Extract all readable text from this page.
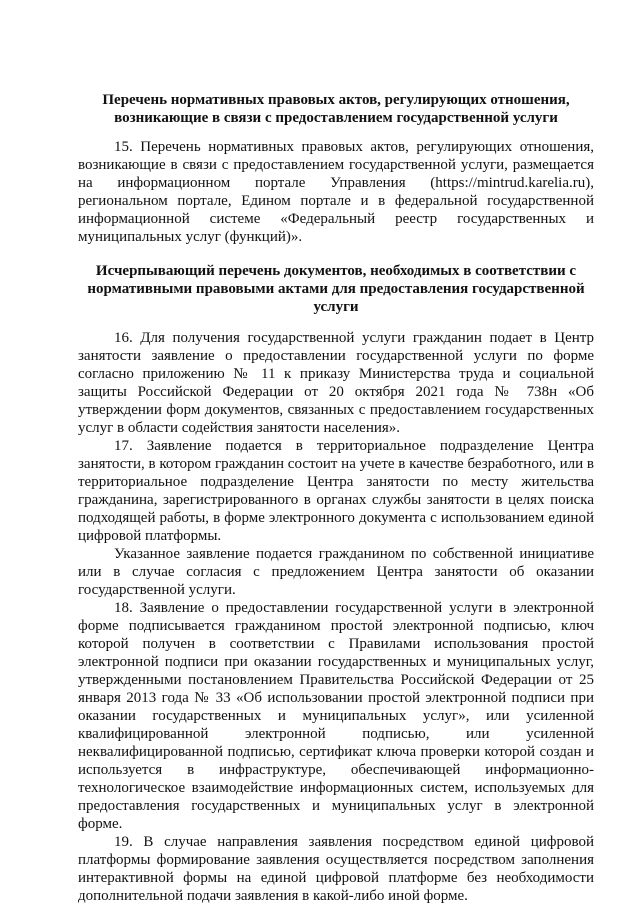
Перечень нормативных правовых актов, регулирующих отношения, возникающие в связи с предоставлением государственной услуги

15. Перечень нормативных правовых актов, регулирующих отношения, возникающие в связи с предоставлением государственной услуги, размещается на информационном портале Управления (https://mintrud.karelia.ru), региональном портале, Едином портале и в федеральной государственной информационной системе «Федеральный реестр государственных и муниципальных услуг (функций)».

Исчерпывающий перечень документов, необходимых в соответствии с нормативными правовыми актами для предоставления государственной услуги

16. Для получения государственной услуги гражданин подает в Центр занятости заявление о предоставлении государственной услуги по форме согласно приложению № 11 к приказу Министерства труда и социальной защиты Российской Федерации от 20 октября 2021 года № 738н «Об утверждении форм документов, связанных с предоставлением государственных услуг в области содействия занятости населения».

17. Заявление подается в территориальное подразделение Центра занятости, в котором гражданин состоит на учете в качестве безработного, или в территориальное подразделение Центра занятости по месту жительства гражданина, зарегистрированного в органах службы занятости в целях поиска подходящей работы, в форме электронного документа с использованием единой цифровой платформы.

Указанное заявление подается гражданином по собственной инициативе или в случае согласия с предложением Центра занятости об оказании государственной услуги.

18. Заявление о предоставлении государственной услуги в электронной форме подписывается гражданином простой электронной подписью, ключ которой получен в соответствии с Правилами использования простой электронной подписи при оказании государственных и муниципальных услуг, утвержденными постановлением Правительства Российской Федерации от 25 января 2013 года № 33 «Об использовании простой электронной подписи при оказании государственных и муниципальных услуг», или усиленной квалифицированной электронной подписью, или усиленной неквалифицированной подписью, сертификат ключа проверки которой создан и используется в инфраструктуре, обеспечивающей информационно-технологическое взаимодействие информационных систем, используемых для предоставления государственных и муниципальных услуг в электронной форме.

19. В случае направления заявления посредством единой цифровой платформы формирование заявления осуществляется посредством заполнения интерактивной формы на единой цифровой платформе без необходимости дополнительной подачи заявления в какой-либо иной форме.
